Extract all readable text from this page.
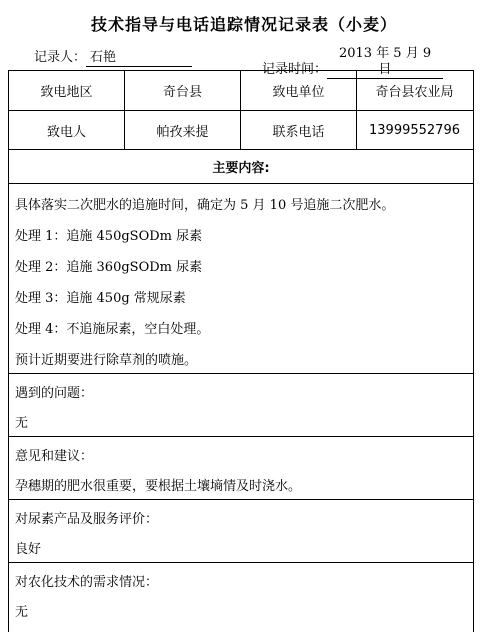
技术指导与电话追踪情况记录表（小麦）
记录人： 石艳
记录时间：2013 年 5 月 9 日
致电地区	奇台县	致电单位	奇台县农业局
致电人	帕孜来提	联系电话	13999552796
主要内容:
具体落实二次肥水的追施时间，确定为 5 月 10 号追施二次肥水。
处理 1：追施 450gSODm 尿素
处理 2：追施 360gSODm 尿素
处理 3：追施 450g 常规尿素
处理 4：不追施尿素，空白处理。
预计近期要进行除草剂的喷施。
遇到的问题：
无
意见和建议：
孕穗期的肥水很重要，要根据土壤墒情及时浇水。
对尿素产品及服务评价：
良好
对农化技术的需求情况：
无
